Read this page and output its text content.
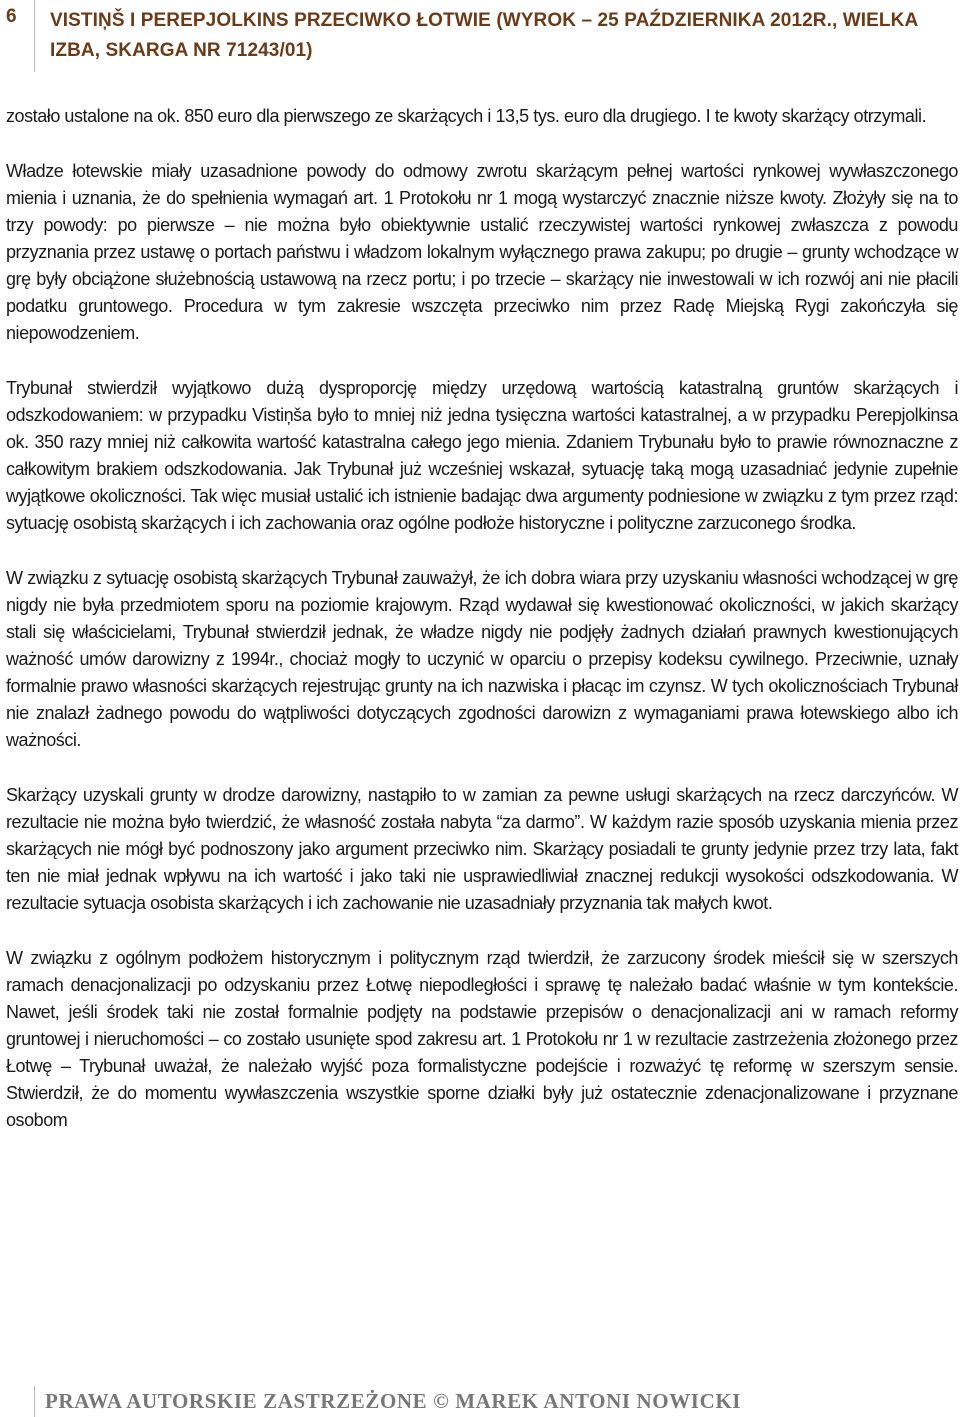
6 VISTIŅŠ I PEREPJOLKINS PRZECIWKO ŁOTWIE (WYROK – 25 PAŹDZIERNIKA 2012R., WIELKA IZBA, SKARGA NR 71243/01)

zostało ustalone na ok. 850 euro dla pierwszego ze skarżących i 13,5 tys. euro dla drugiego. I te kwoty skarżący otrzymali.

Władze łotewskie miały uzasadnione powody do odmowy zwrotu skarżącym pełnej wartości rynkowej wywłaszczonego mienia i uznania, że do spełnienia wymagań art. 1 Protokołu nr 1 mogą wystarczyć znacznie niższe kwoty. Złożyły się na to trzy powody: po pierwsze – nie można było obiektywnie ustalić rzeczywistej wartości rynkowej zwłaszcza z powodu przyznania przez ustawę o portach państwu i władzom lokalnym wyłącznego prawa zakupu; po drugie – grunty wchodzące w grę były obciążone służebnością ustawową na rzecz portu; i po trzecie – skarżący nie inwestowali w ich rozwój ani nie płacili podatku gruntowego. Procedura w tym zakresie wszczęta przeciwko nim przez Radę Miejską Rygi zakończyła się niepowodzeniem.

Trybunał stwierdził wyjątkowo dużą dysproporcję między urzędową wartością katastralną gruntów skarżących i odszkodowaniem: w przypadku Vistiņša było to mniej niż jedna tysięczna wartości katastralnej, a w przypadku Perepjolkinsa ok. 350 razy mniej niż całkowita wartość katastralna całego jego mienia. Zdaniem Trybunału było to prawie równoznaczne z całkowitym brakiem odszkodowania. Jak Trybunał już wcześniej wskazał, sytuację taką mogą uzasadniać jedynie zupełnie wyjątkowe okoliczności. Tak więc musiał ustalić ich istnienie badając dwa argumenty podniesione w związku z tym przez rząd: sytuację osobistą skarżących i ich zachowania oraz ogólne podłoże historyczne i polityczne zarzuconego środka.

W związku z sytuację osobistą skarżących Trybunał zauważył, że ich dobra wiara przy uzyskaniu własności wchodzącej w grę nigdy nie była przedmiotem sporu na poziomie krajowym. Rząd wydawał się kwestionować okoliczności, w jakich skarżący stali się właścicielami, Trybunał stwierdził jednak, że władze nigdy nie podjęły żadnych działań prawnych kwestionujących ważność umów darowizny z 1994r., chociaż mogły to uczynić w oparciu o przepisy kodeksu cywilnego. Przeciwnie, uznały formalnie prawo własności skarżących rejestrując grunty na ich nazwiska i płacąc im czynsz. W tych okolicznościach Trybunał nie znalazł żadnego powodu do wątpliwości dotyczących zgodności darowizn z wymaganiami prawa łotewskiego albo ich ważności.

Skarżący uzyskali grunty w drodze darowizny, nastąpiło to w zamian za pewne usługi skarżących na rzecz darczyńców. W rezultacie nie można było twierdzić, że własność została nabyta “za darmo”. W każdym razie sposób uzyskania mienia przez skarżących nie mógł być podnoszony jako argument przeciwko nim. Skarżący posiadali te grunty jedynie przez trzy lata, fakt ten nie miał jednak wpływu na ich wartość i jako taki nie usprawiedliwiał znacznej redukcji wysokości odszkodowania. W rezultacie sytuacja osobista skarżących i ich zachowanie nie uzasadniały przyznania tak małych kwot.

W związku z ogólnym podłożem historycznym i politycznym rząd twierdził, że zarzucony środek mieścił się w szerszych ramach denacjonalizacji po odzyskaniu przez Łotwę niepodległości i sprawę tę należało badać właśnie w tym kontekście. Nawet, jeśli środek taki nie został formalnie podjęty na podstawie przepisów o denacjonalizacji ani w ramach reformy gruntowej i nieruchomości – co zostało usunięte spod zakresu art. 1 Protokołu nr 1 w rezultacie zastrzeżenia złożonego przez Łotwę – Trybunał uważał, że należało wyjść poza formalistyczne podejście i rozważyć tę reformę w szerszym sensie. Stwierdził, że do momentu wywłaszczenia wszystkie sporne działki były już ostatecznie zdenacjonalizowane i przyznane osobom

PRAWA AUTORSKIE ZASTRZEŻONE © MAREK ANTONI NOWICKI
